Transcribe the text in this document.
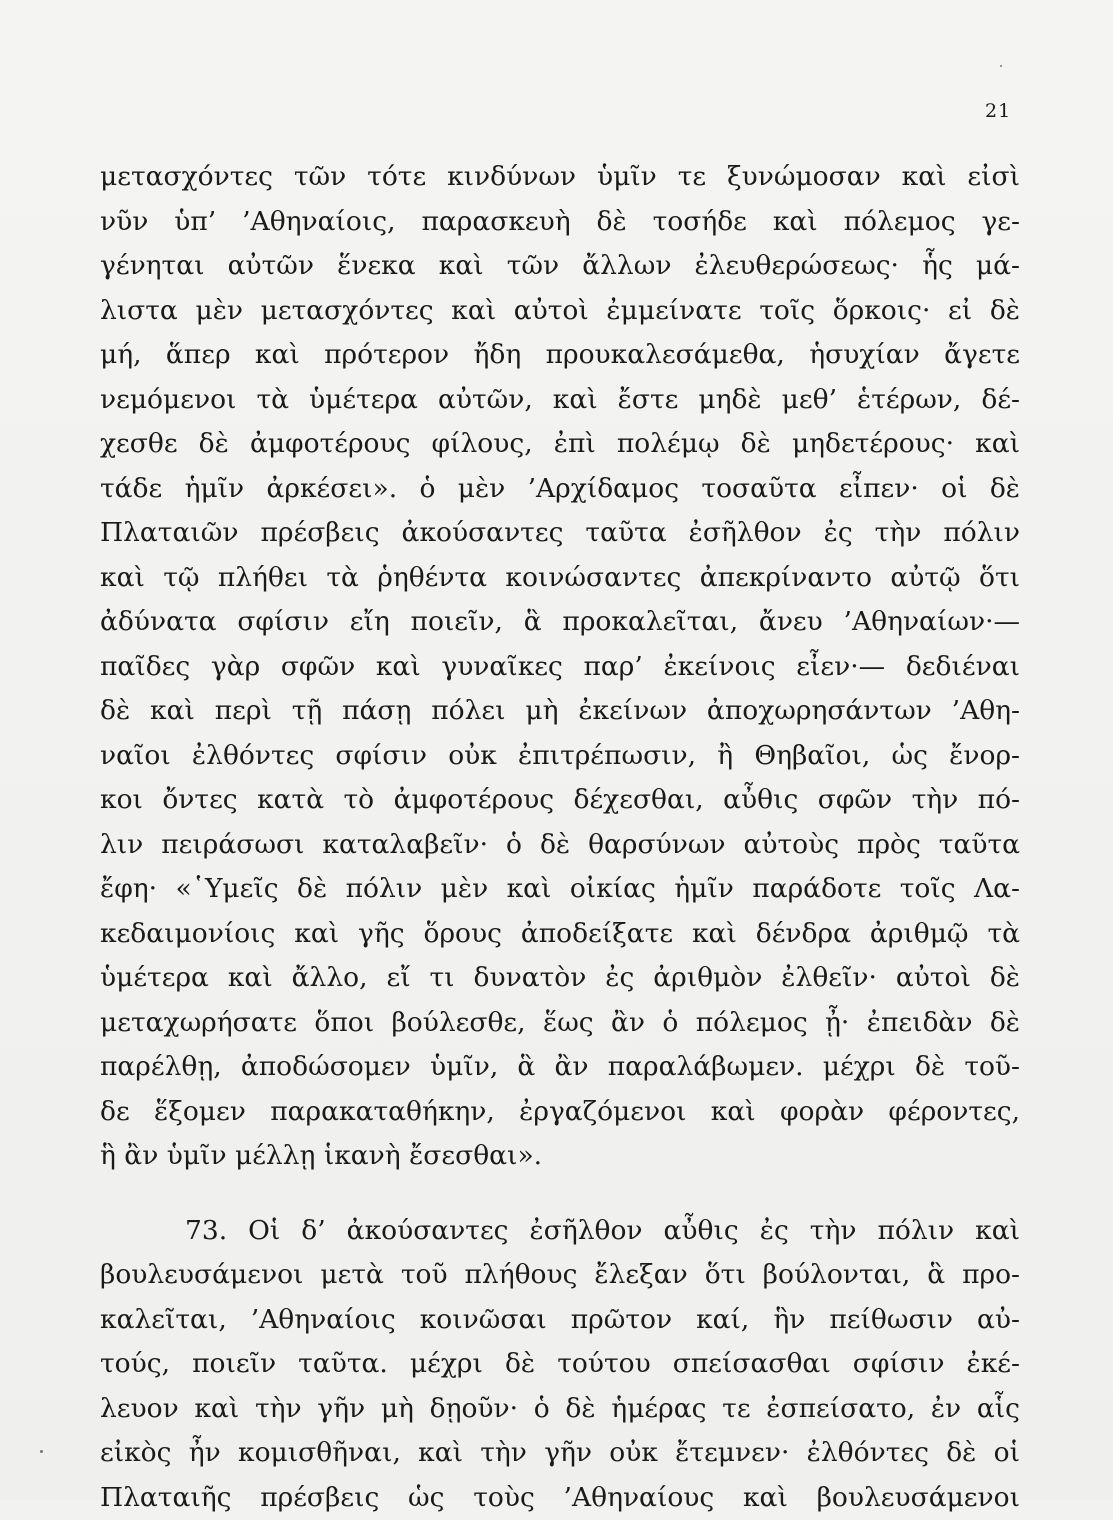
21
μετασχόντες τῶν τότε κινδύνων ὑμῖν τε ξυνώμοσαν καὶ εἰσὶ
νῦν ὑπ’ ’Αθηναίοις, παρασκευὴ δὲ τοσήδε καὶ πόλεμος γε-
γένηται αὐτῶν ἕνεκα καὶ τῶν ἄλλων ἐλευθερώσεως· ἧς μά-
λιστα μὲν μετασχόντες καὶ αὐτοὶ ἐμμείνατε τοῖς ὅρκοις· εἰ δὲ
μή, ἅπερ καὶ πρότερον ἤδη προυκαλεσάμεθα, ἡσυχίαν ἄγετε
νεμόμενοι τὰ ὑμέτερα αὐτῶν, καὶ ἔστε μηδὲ μεθ’ ἑτέρων, δέ-
χεσθε δὲ ἀμφοτέρους φίλους, ἐπὶ πολέμῳ δὲ μηδετέρους· καὶ
τάδε ἡμῖν ἀρκέσει». ὁ μὲν ’Αρχίδαμος τοσαῦτα εἶπεν· οἱ δὲ
Πλαταιῶν πρέσβεις ἀκούσαντες ταῦτα ἐσῆλθον ἐς τὴν πόλιν
καὶ τῷ πλήθει τὰ ῥηθέντα κοινώσαντες ἀπεκρίναντο αὐτῷ ὅτι
ἀδύνατα σφίσιν εἴη ποιεῖν, ἃ προκαλεῖται, ἄνευ ’Αθηναίων·—
παῖδες γὰρ σφῶν καὶ γυναῖκες παρ’ ἐκείνοις εἶεν·— δεδιέναι
δὲ καὶ περὶ τῇ πάσῃ πόλει μὴ ἐκείνων ἀποχωρησάντων ’Αθη-
ναῖοι ἐλθόντες σφίσιν οὐκ ἐπιτρέπωσιν, ἢ Θηβαῖοι, ὡς ἔνορ-
κοι ὄντες κατὰ τὸ ἀμφοτέρους δέχεσθαι, αὖθις σφῶν τὴν πό-
λιν πειράσωσι καταλαβεῖν· ὁ δὲ θαρσύνων αὐτοὺς πρὸς ταῦτα
ἔφη· «῾Υμεῖς δὲ πόλιν μὲν καὶ οἰκίας ἡμῖν παράδοτε τοῖς Λα-
κεδαιμονίοις καὶ γῆς ὅρους ἀποδείξατε καὶ δένδρα ἀριθμῷ τὰ
ὑμέτερα καὶ ἄλλο, εἴ τι δυνατὸν ἐς ἀριθμὸν ἐλθεῖν· αὐτοὶ δὲ
μεταχωρήσατε ὅποι βούλεσθε, ἕως ἂν ὁ πόλεμος ᾖ· ἐπειδὰν δὲ
παρέλθῃ, ἀποδώσομεν ὑμῖν, ἃ ἂν παραλάβωμεν. μέχρι δὲ τοῦ-
δε ἕξομεν παρακαταθήκην, ἐργαζόμενοι καὶ φορὰν φέροντες,
ἣ ἂν ὑμῖν μέλλῃ ἱκανὴ ἔσεσθαι».
73. Οἱ δ’ ἀκούσαντες ἐσῆλθον αὖθις ἐς τὴν πόλιν καὶ
βουλευσάμενοι μετὰ τοῦ πλήθους ἔλεξαν ὅτι βούλονται, ἃ προ-
καλεῖται, ’Αθηναίοις κοινῶσαι πρῶτον καί, ἣν πείθωσιν αὐ-
τούς, ποιεῖν ταῦτα. μέχρι δὲ τούτου σπείσασθαι σφίσιν ἐκέ-
λευον καὶ τὴν γῆν μὴ δῃοῦν· ὁ δὲ ἡμέρας τε ἐσπείσατο, ἐν αἷς
εἰκὸς ἦν κομισθῆναι, καὶ τὴν γῆν οὐκ ἔτεμνεν· ἐλθόντες δὲ οἱ
Πλαταιῆς πρέσβεις ὡς τοὺς ’Αθηναίους καὶ βουλευσάμενοι
